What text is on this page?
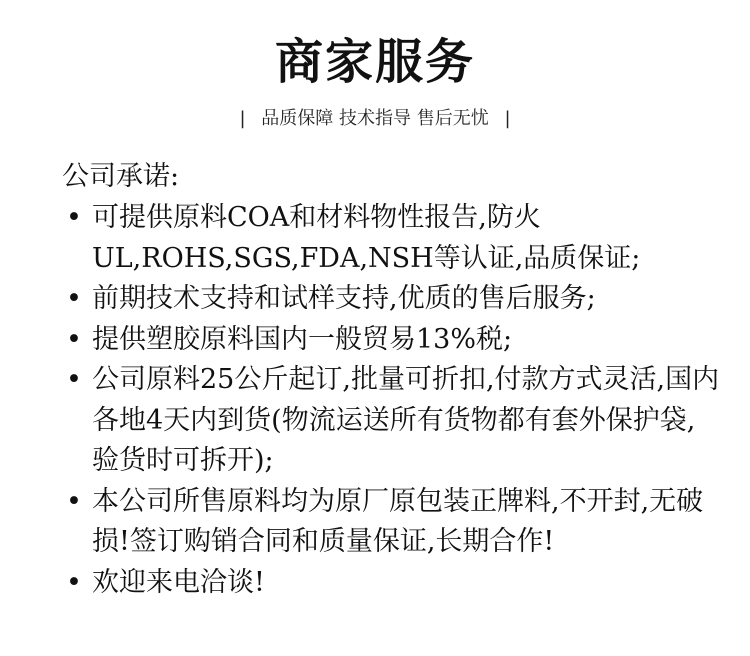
商家服务
| 品质保障 技术指导 售后无忧 |
公司承诺:
• 可提供原料COA和材料物性报告,防火UL,ROHS,SGS,FDA,NSH等认证,品质保证;
• 前期技术支持和试样支持,优质的售后服务;
• 提供塑胶原料国内一般贸易13%税;
• 公司原料25公斤起订,批量可折扣,付款方式灵活,国内各地4天内到货(物流运送所有货物都有套外保护袋,验货时可拆开);
• 本公司所售原料均为原厂原包装正牌料,不开封,无破损!签订购销合同和质量保证,长期合作!
• 欢迎来电洽谈!
